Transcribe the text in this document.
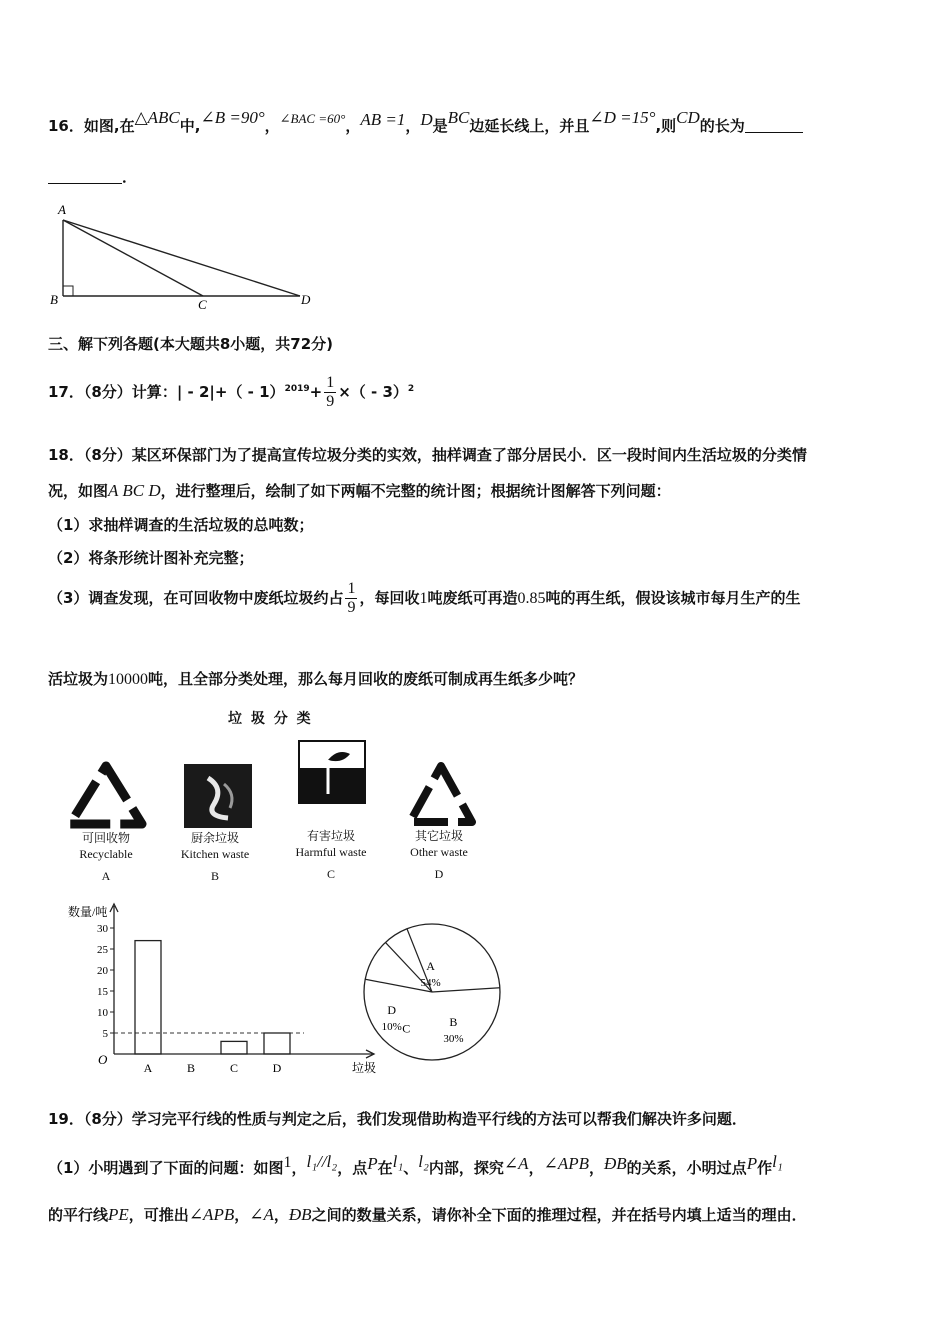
16．如图,在△ABC中,∠B =90°，∠BAC =60°，AB =1，D是BC边延长线上，并且∠D =15°,则CD的长为
．
A
B	C	D
三、解下列各题(本大题共8小题，共72分)
17．（8分）计算：| - $2|+( - 1)^{2019}+ \frac{1}{9}$ ×（ - 3）$^2$
18．（8分）某区环保部门为了提高宣传垃圾分类的实效，抽样调查了部分居民小．区一段时间内生活垃圾的分类情
况，如图A BC D，进行整理后，绘制了如下两幅不完整的统计图；根据统计图解答下列问题：
（1）求抽样调查的生活垃圾的总吨数；
（2）将条形统计图补充完整；
（3）调查发现，在可回收物中废纸垃圾约占 $\frac{1}{9}$ ，每回收1吨废纸可再造0.85吨的再生纸，假设该城市每月生产的生
活垃圾为10000吨，且全部分类处理，那么每月回收的废纸可制成再生纸多少吨？
垃 圾 分 类
可回收物
Recyclable
A
厨余垃圾
Kitchen waste
B
有害垃圾
Harmful waste
C
其它垃圾
Other waste
D
数量/吨
垃圾
O
5
10
15
20
25
30
A	B	C	D
A
54%
B
30%
C
D
10%
19．（8分）学习完平行线的性质与判定之后，我们发现借助构造平行线的方法可以帮我们解决许多问题．
（1）小明遇到了下面的问题：如图1，l₁//l₂，点P在l₁、l₂内部，探究∠A，∠APB，ÐB的关系，小明过点P作l₁
的平行线PE，可推出∠APB，∠A，ÐB之间的数量关系，请你补全下面的推理过程，并在括号内填上适当的理由．
